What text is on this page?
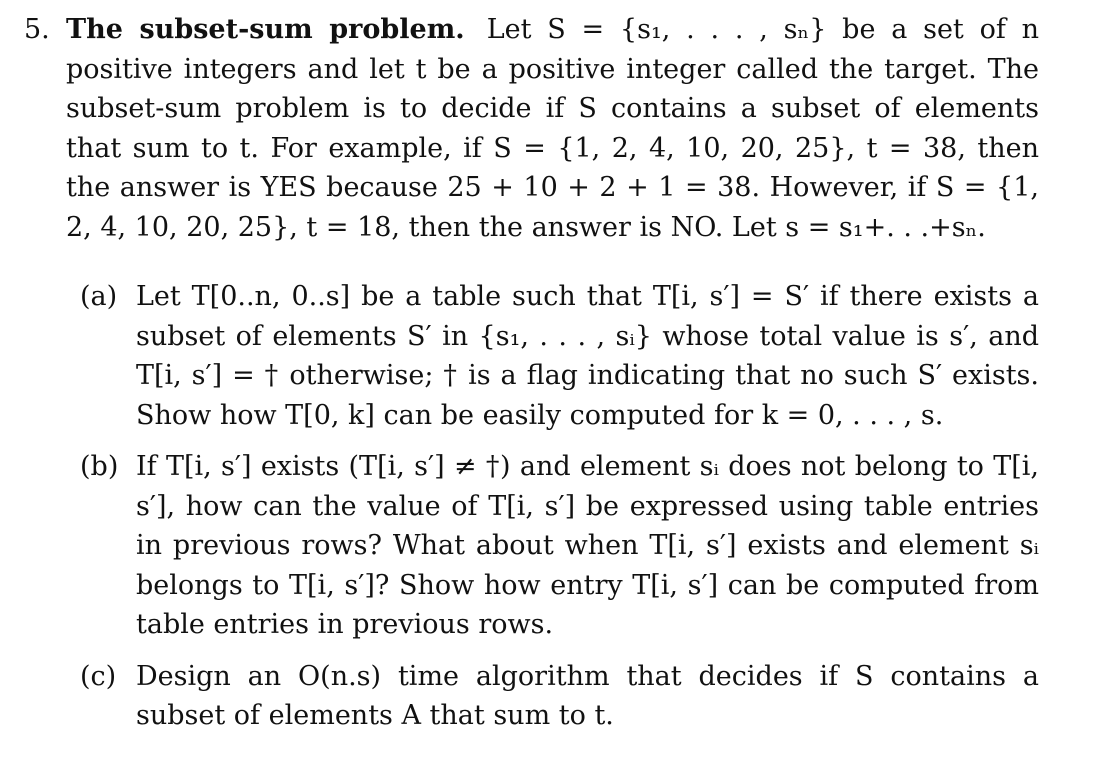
5. The subset-sum problem. Let S = {s₁, . . . , sₙ} be a set of n positive integers and let t be a positive integer called the target. The subset-sum problem is to decide if S contains a subset of elements that sum to t. For example, if S = {1, 2, 4, 10, 20, 25}, t = 38, then the answer is YES because 25 + 10 + 2 + 1 = 38. However, if S = {1, 2, 4, 10, 20, 25}, t = 18, then the answer is NO. Let s = s₁+. . .+sₙ.

(a) Let T[0..n, 0..s] be a table such that T[i, s′] = S′ if there exists a subset of elements S′ in {s₁, . . . , sᵢ} whose total value is s′, and T[i, s′] = † otherwise; † is a flag indicating that no such S′ exists. Show how T[0, k] can be easily computed for k = 0, . . . , s.
(b) If T[i, s′] exists (T[i, s′] ≠ †) and element sᵢ does not belong to T[i, s′], how can the value of T[i, s′] be expressed using table entries in previous rows? What about when T[i, s′] exists and element sᵢ belongs to T[i, s′]? Show how entry T[i, s′] can be computed from table entries in previous rows.
(c) Design an O(n.s) time algorithm that decides if S contains a subset of elements A that sum to t.
